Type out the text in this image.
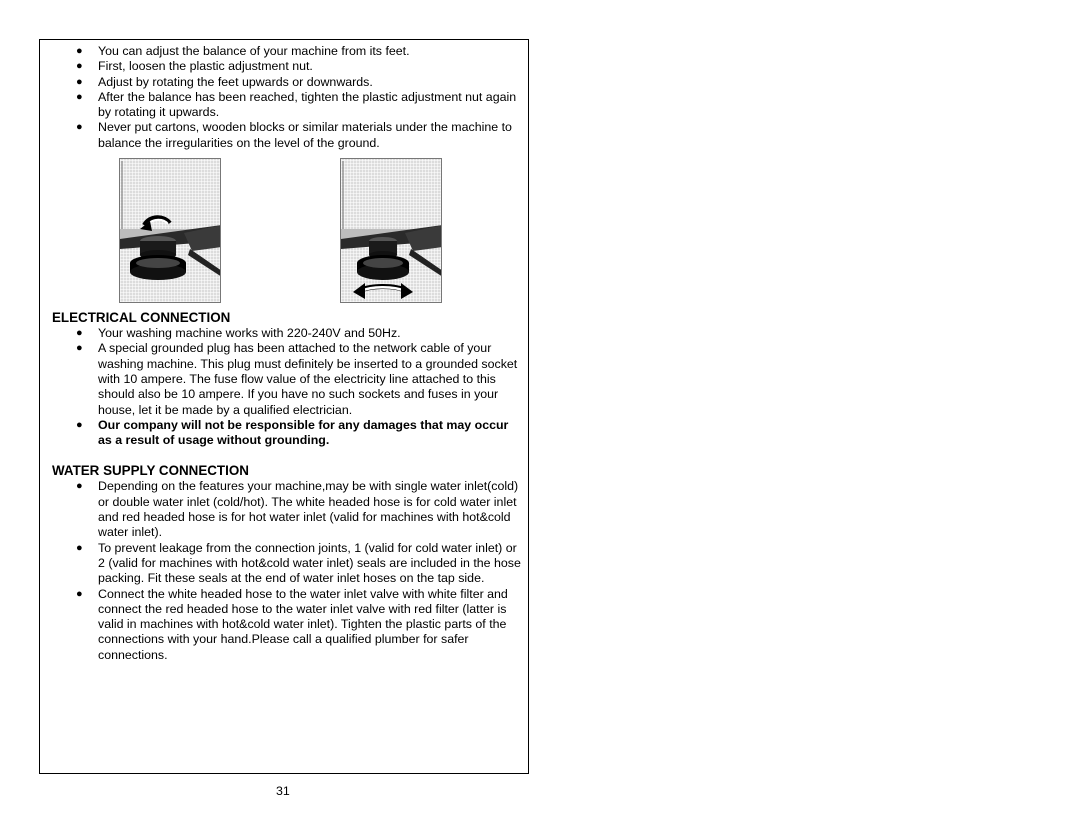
● You can adjust the balance of your machine from its feet.
● First, loosen the plastic adjustment nut.
● Adjust by rotating the feet upwards or downwards.
● After the balance has been reached, tighten the plastic adjustment nut again by rotating it upwards.
● Never put cartons, wooden blocks or similar materials under the machine to balance the irregularities on the level of the ground.
ELECTRICAL CONNECTION
● Your washing machine works with 220-240V and 50Hz.
● A special grounded plug has been attached to the network cable of your washing machine. This plug must definitely be inserted to a grounded socket with 10 ampere. The fuse flow value of the electricity line attached to this should also be 10 ampere. If you have no such sockets and fuses in your house, let it be made by a qualified electrician.
● Our company will not be responsible for any damages that may occur as a result of usage without grounding.
WATER SUPPLY CONNECTION
● Depending on the features your machine,may be with single water inlet(cold) or double water inlet (cold/hot). The white headed hose is for cold water inlet and red headed hose is for hot water inlet (valid for machines with hot&cold water inlet).
● To prevent leakage from the connection joints, 1 (valid for cold water inlet) or 2 (valid for machines with hot&cold water inlet) seals are included in the hose packing. Fit these seals at the end of water inlet hoses on the tap side.
● Connect the white headed hose to the water inlet valve with white filter and connect the red headed hose to the water inlet valve with red filter (latter is valid in machines with hot&cold water inlet). Tighten the plastic parts of the connections with your hand.Please call a qualified plumber for safer connections.
31
